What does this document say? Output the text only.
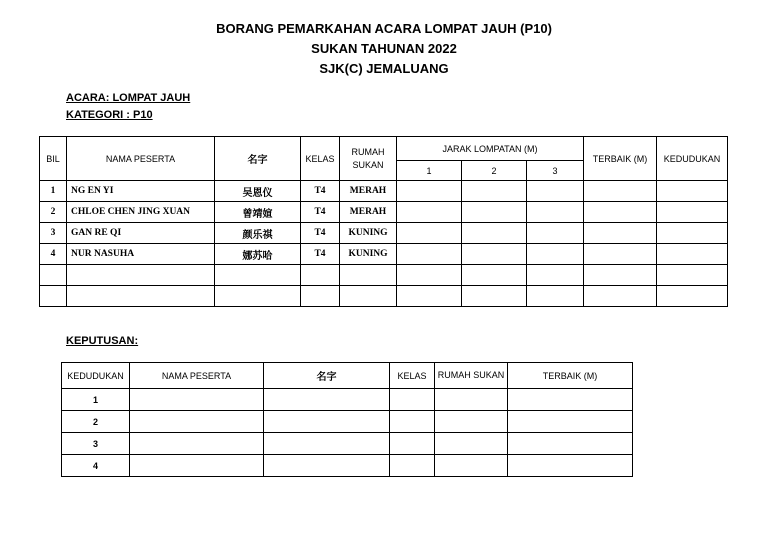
BORANG PEMARKAHAN ACARA LOMPAT JAUH (P10)
SUKAN TAHUNAN 2022
SJK(C) JEMALUANG
ACARA: LOMPAT JAUH
KATEGORI : P10
BIL	NAMA PESERTA	名字	KELAS	RUMAH SUKAN	JARAK LOMPATAN (M)			TERBAIK (M)	KEDUDUKAN
					1	2	3		
1	NG EN YI	吴恩仪	T4	MERAH					
2	CHLOE CHEN JING XUAN	曾靖媗	T4	MERAH					
3	GAN RE QI	颜乐祺	T4	KUNING					
4	NUR NASUHA	娜苏哈	T4	KUNING					

KEPUTUSAN:
KEDUDUKAN	NAMA PESERTA	名字	KELAS	RUMAH SUKAN	TERBAIK (M)
1					
2					
3					
4					
